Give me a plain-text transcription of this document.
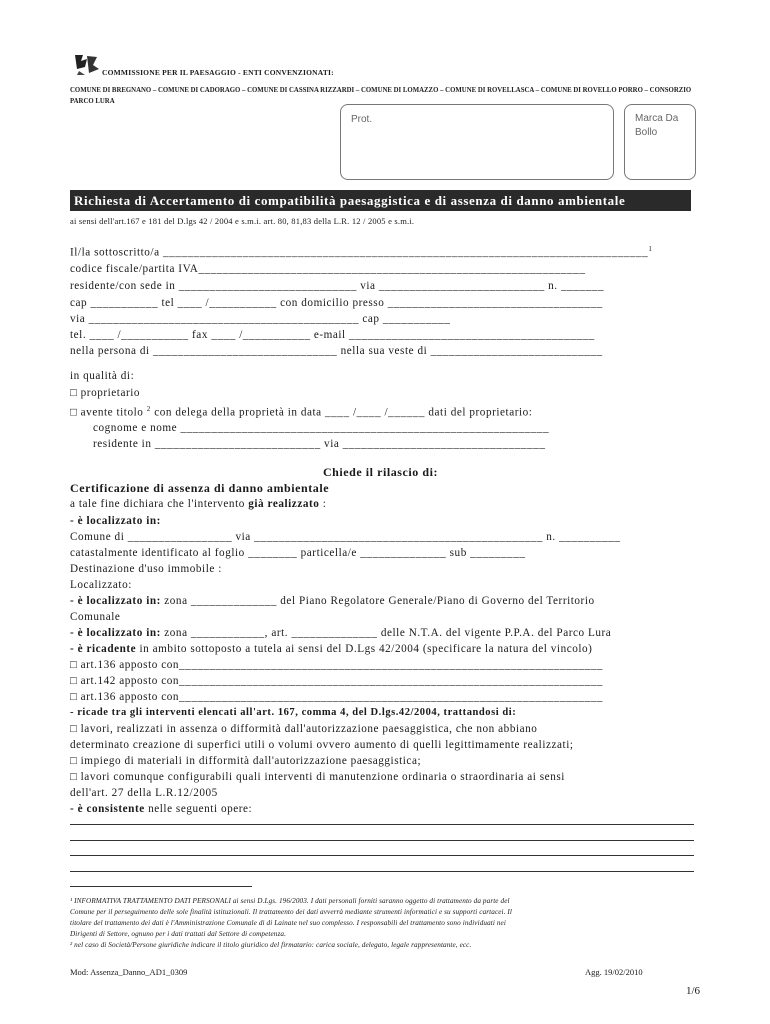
COMMISSIONE PER IL PAESAGGIO - ENTI CONVENZIONATI:
COMUNE DI BREGNANO – COMUNE DI CADORAGO – COMUNE DI CASSINA RIZZARDI – COMUNE DI LOMAZZO – COMUNE DI ROVELLASCA – COMUNE DI ROVELLO PORRO – CONSORZIO PARCO LURA
Prot.	Marca Da Bollo
Richiesta di Accertamento di compatibilità paesaggistica e di assenza di danno ambientale
ai sensi dell'art.167 e 181 del D.lgs 42 / 2004 e s.m.i. art. 80, 81,83 della L.R. 12 / 2005 e s.m.i.
Il/la sottoscritto/a _______________________________________________________________________________$^1$
codice fiscale/partita IVA_______________________________________________________________
residente/con sede in _____________________________ via ___________________________ n. _______
cap ___________ tel ____ /___________ con domicilio presso ___________________________________
via ____________________________________________ cap ___________
tel. ____ /___________ fax ____ /___________ e-mail ________________________________________
nella persona di ______________________________ nella sua veste di ____________________________
in qualità di:
□ proprietario
□ avente titolo $^2$ con delega della proprietà in data ____ /____ /______ dati del proprietario:
cognome e nome ____________________________________________________________
residente in ___________________________ via _________________________________
Chiede il rilascio di:
Certificazione di assenza di danno ambientale
a tale fine dichiara che l'intervento già realizzato :
- è localizzato in:
Comune di _________________ via _______________________________________________ n. __________
catastalmente identificato al foglio ________ particella/e ______________ sub _________
Destinazione d'uso immobile :
Localizzato:
- è localizzato in: zona ______________ del Piano Regolatore Generale/Piano di Governo del Territorio
Comunale
- è localizzato in: zona ____________, art. ______________ delle N.T.A. del vigente P.P.A. del Parco Lura
- è ricadente in ambito sottoposto a tutela ai sensi del D.Lgs 42/2004 (specificare la natura del vincolo)
□ art.136 apposto con_____________________________________________________________________
□ art.142 apposto con_____________________________________________________________________
□ art.136 apposto con_____________________________________________________________________
- ricade tra gli interventi elencati all'art. 167, comma 4, del D.lgs.42/2004, trattandosi di:
□ lavori, realizzati in assenza o difformità dall'autorizzazione paesaggistica, che non abbiano
determinato creazione di superfici utili o volumi ovvero aumento di quelli legittimamente realizzati;
□ impiego di materiali in difformità dall'autorizzazione paesaggistica;
□ lavori comunque configurabili quali interventi di manutenzione ordinaria o straordinaria ai sensi
dell'art. 27 della L.R.12/2005
- è consistente nelle seguenti opere:
¹ INFORMATIVA TRATTAMENTO DATI PERSONALI ai sensi D.Lgs. 196/2003. I dati personali forniti saranno oggetto di trattamento da parte del
Comune per il perseguimento delle sole finalità istituzionali. Il trattamento dei dati avverrà mediante strumenti informatici e su supporti cartacei. Il
titolare del trattamento dei dati è l'Amministrazione Comunale di di Lainate nel suo complesso. I responsabili del trattamento sono individuati nei
Dirigenti di Settore, ognuno per i dati trattati dal Settore di competenza.
² nel caso di Società/Persone giuridiche indicare il titolo giuridico del firmatario: carica sociale, delegato, legale rappresentante, ecc.
Mod: Assenza_Danno_AD1_0309	Agg. 19/02/2010
1/6
